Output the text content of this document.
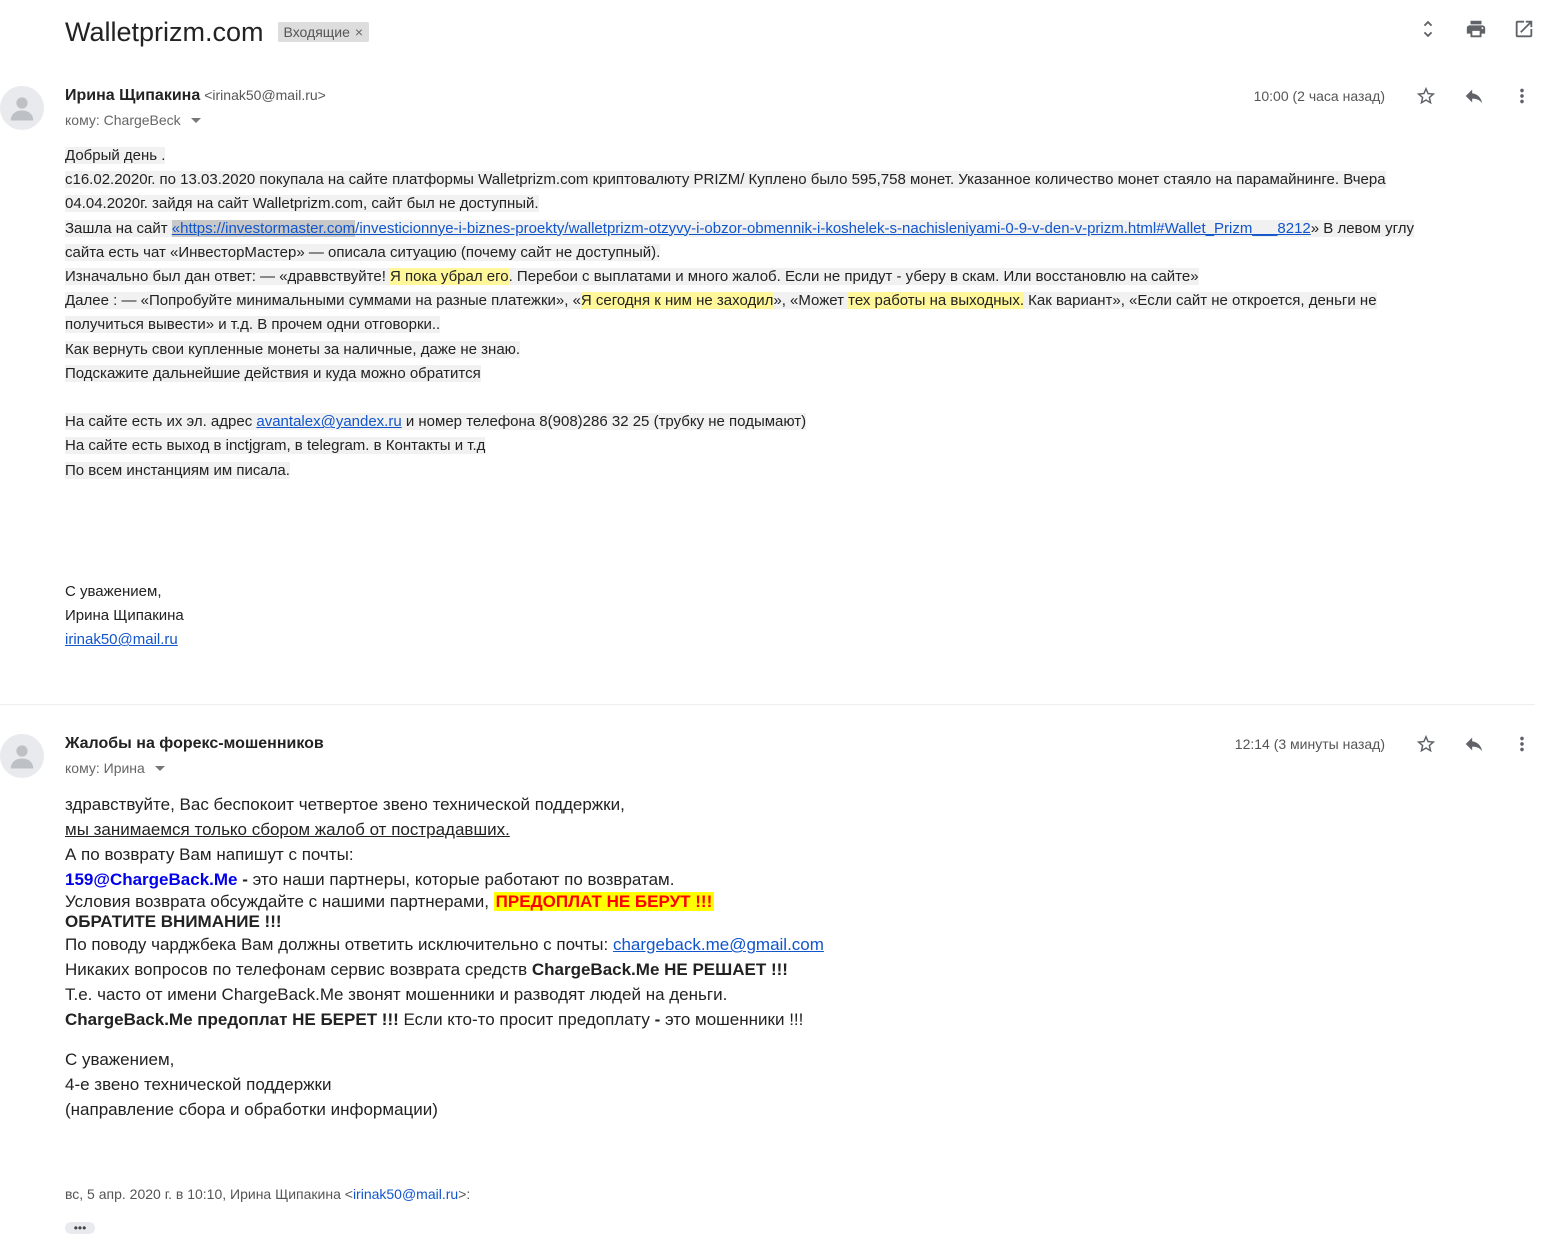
Walletprizm.com Входящие ×
Ирина Щипакина <irinak50@mail.ru>
кому: ChargeBeck
10:00 (2 часа назад)
Добрый день .
с16.02.2020г. по 13.03.2020 покупала на сайте платформы Walletprizm.com криптовалюту PRIZM/ Куплено было 595,758 монет. Указанное количество монет стаяло на парамайнинге. Вчера
04.04.2020г. зайдя на сайт Walletprizm.com, сайт был не доступный.
Зашла на сайт «https://investormaster.com/investicionnye-i-biznes-proekty/walletprizm-otzyvy-i-obzor-obmennik-i-koshelek-s-nachisleniyami-0-9-v-den-v-prizm.html#Wallet_Prizm___8212» В левом углу
сайта есть чат «ИнвесторМастер» — описала ситуацию (почему сайт не доступный).
Изначально был дан ответ: — «драввствуйте! Я пока убрал его. Перебои с выплатами и много жалоб. Если не придут - уберу в скам. Или восстановлю на сайте»
Далее : — «Попробуйте минимальными суммами на разные платежки», «Я сегодня к ним не заходил», «Может тех работы на выходных. Как вариант», «Если сайт не откроется, деньги не
получиться вывести» и т.д. В прочем одни отговорки..
Как вернуть свои купленные монеты за наличные, даже не знаю.
Подскажите дальнейшие действия и куда можно обратится
На сайте есть их эл. адрес avantalex@yandex.ru и номер телефона 8(908)286 32 25 (трубку не подымают)
На сайте есть выход в inctjgram, в telegram. в Контакты и т.д
По всем инстанциям им писала.
С уважением,
Ирина Щипакина
irinak50@mail.ru
Жалобы на форекс-мошенников
кому: Ирина
12:14 (3 минуты назад)
здравствуйте, Вас беспокоит четвертое звено технической поддержки,
мы занимаемся только сбором жалоб от пострадавших.
А по возврату Вам напишут с почты:
159@ChargeBack.Me - это наши партнеры, которые работают по возвратам.
Условия возврата обсуждайте с нашими партнерами, ПРЕДОПЛАТ НЕ БЕРУТ !!!
ОБРАТИТЕ ВНИМАНИЕ !!!
По поводу чарджбека Вам должны ответить исключительно с почты: chargeback.me@gmail.com
Никаких вопросов по телефонам сервис возврата средств ChargeBack.Me НЕ РЕШАЕТ !!!
Т.е. часто от имени ChargeBack.Me звонят мошенники и разводят людей на деньги.
ChargeBack.Me предоплат НЕ БЕРЕТ !!! Если кто-то просит предоплату - это мошенники !!!
С уважением,
4-е звено технической поддержки
(направление сбора и обработки информации)
вс, 5 апр. 2020 г. в 10:10, Ирина Щипакина <irinak50@mail.ru>:
•••
